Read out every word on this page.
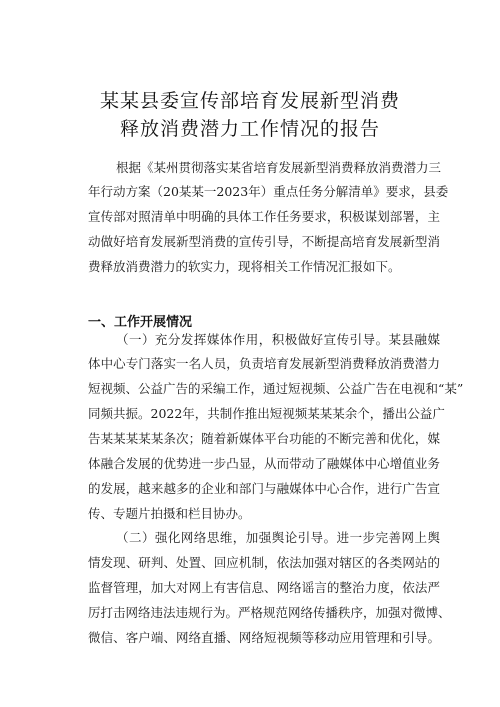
某某县委宣传部培育发展新型消费
释放消费潜力工作情况的报告
根据《某州贯彻落实某省培育发展新型消费释放消费潜力三
年行动方案（20某某一2023年）重点任务分解清单》要求，县委
宣传部对照清单中明确的具体工作任务要求，积极谋划部署，主
动做好培育发展新型消费的宣传引导，不断提高培育发展新型消
费释放消费潜力的软实力，现将相关工作情况汇报如下。
一、工作开展情况
（一）充分发挥媒体作用，积极做好宣传引导。某县融媒
体中心专门落实一名人员，负责培育发展新型消费释放消费潜力
短视频、公益广告的采编工作，通过短视频、公益广告在电视和“某”
同频共振。2022年，共制作推出短视频某某某余个，播出公益广
告某某某某某条次；随着新媒体平台功能的不断完善和优化，媒
体融合发展的优势进一步凸显，从而带动了融媒体中心增值业务
的发展，越来越多的企业和部门与融媒体中心合作，进行广告宣
传、专题片拍摄和栏目协办。
（二）强化网络思维，加强舆论引导。进一步完善网上舆
情发现、研判、处置、回应机制，依法加强对辖区的各类网站的
监督管理，加大对网上有害信息、网络谣言的整治力度，依法严
厉打击网络违法违规行为。严格规范网络传播秩序，加强对微博、
微信、客户端、网络直播、网络短视频等移动应用管理和引导。
